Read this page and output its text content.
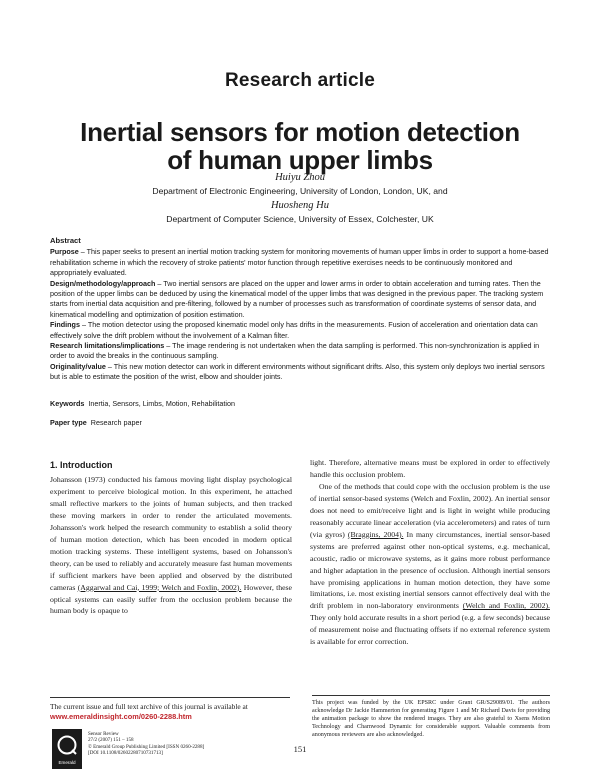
Research article
Inertial sensors for motion detection
of human upper limbs
Huiyu Zhou
Department of Electronic Engineering, University of London, London, UK, and
Huosheng Hu
Department of Computer Science, University of Essex, Colchester, UK
Abstract

Purpose – This paper seeks to present an inertial motion tracking system for monitoring movements of human upper limbs in order to support a home-based rehabilitation scheme in which the recovery of stroke patients' motor function through repetitive exercises needs to be continuously monitored and appropriately evaluated.

Design/methodology/approach – Two inertial sensors are placed on the upper and lower arms in order to obtain acceleration and turning rates. Then the position of the upper limbs can be deduced by using the kinematical model of the upper limbs that was designed in the previous paper. The tracking system starts from inertial data acquisition and pre-filtering, followed by a number of processes such as transformation of coordinate systems of sensor data, and kinematical modelling and optimization of position estimation.

Findings – The motion detector using the proposed kinematic model only has drifts in the measurements. Fusion of acceleration and orientation data can effectively solve the drift problem without the involvement of a Kalman filter.

Research limitations/implications – The image rendering is not undertaken when the data sampling is performed. This non-synchronization is applied in order to avoid the breaks in the continuous sampling.

Originality/value – This new motion detector can work in different environments without significant drifts. Also, this system only deploys two inertial sensors but is able to estimate the position of the wrist, elbow and shoulder joints.

Keywords Inertia, Sensors, Limbs, Motion, Rehabilitation
Paper type Research paper
1. Introduction

Johansson (1973) conducted his famous moving light display psychological experiment to perceive biological motion. In this experiment, he attached small reflective markers to the joints of human subjects, and then tracked these moving markers in order to render the articulated movements. Johansson's work helped the research community to establish a solid theory of human motion detection, which has been encoded in modern optical motion tracking systems. These intelligent systems, based on Johansson's theory, can be used to reliably and accurately measure fast human movements if sufficient markers have been applied and observed by the distributed cameras (Aggarwal and Cai, 1999; Welch and Foxlin, 2002). However, these optical systems can easily suffer from the occlusion problem because the human body is opaque to

light. Therefore, alternative means must be explored in order to effectively handle this occlusion problem.

One of the methods that could cope with the occlusion problem is the use of inertial sensor-based systems (Welch and Foxlin, 2002). An inertial sensor does not need to emit/receive light and is light in weight while producing reasonably accurate linear acceleration (via accelerometers) and rates of turn (via gyros) (Braggins, 2004). In many circumstances, inertial sensor-based systems are preferred against other non-optical systems, e.g. mechanical, acoustic, radio or microwave systems, as it gains more robust performance and higher adaptation in the presence of occlusion. Although inertial sensors have promising applications in human motion detection, they have some limitations, i.e. most existing inertial sensors cannot effectively deal with the drift problem in non-laboratory environments (Welch and Foxlin, 2002). They only hold accurate results in a short period (e.g. a few seconds) because of measurement noise and fluctuating offsets if no external reference system is available for error correction.

The current issue and full text archive of this journal is available at
www.emeraldinsight.com/0260-2288.htm
Emerald
Sensor Review
27/2 (2007) 151 – 158
© Emerald Group Publishing Limited [ISSN 0260-2288]
[DOI 10.1108/02602280710731713]
This project was funded by the UK EPSRC under Grant GR/S29089/01. The authors acknowledge Dr Jackie Hammerton for generating Figure 1 and Mr Richard Davis for providing the animation package to show the rendered images. They are also grateful to Xsens Motion Technology and Charnwood Dynamic for considerable support. Valuable comments from anonymous reviewers are also acknowledged.
151
